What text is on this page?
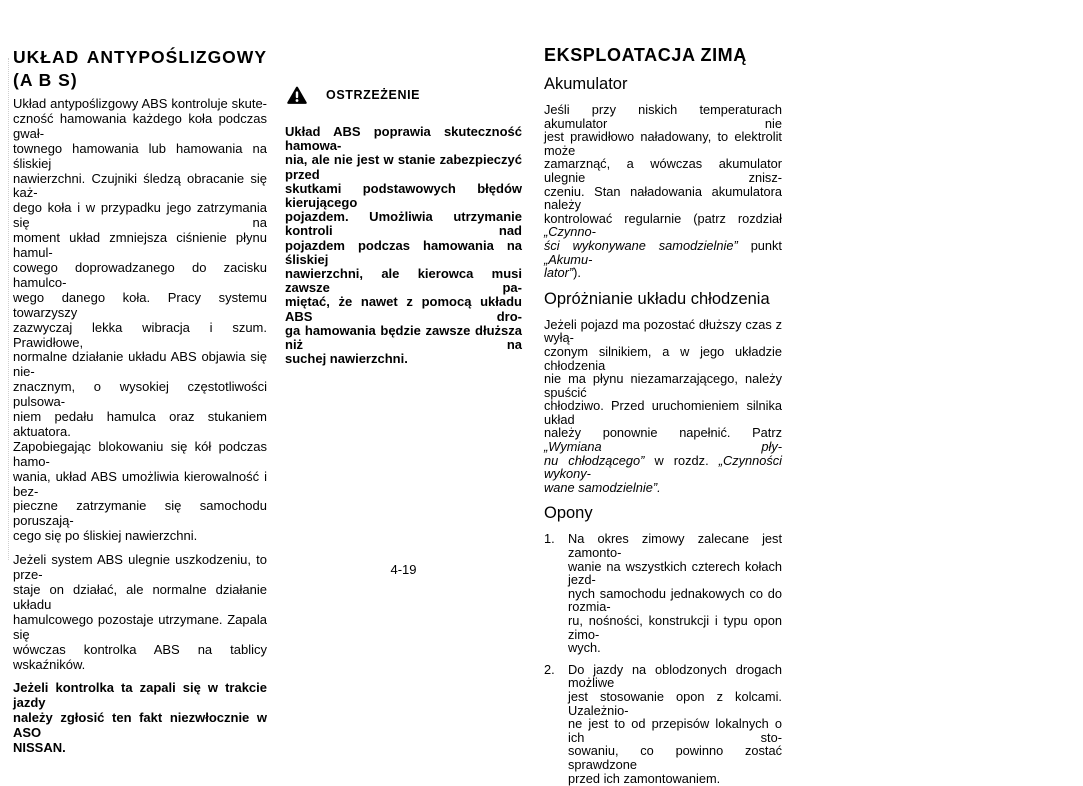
UKŁAD ANTYPOŚLIZGOWY
(A B S)
Układ antypoślizgowy ABS kontroluje skute-
czność hamowania każdego koła podczas gwał-
townego hamowania lub hamowania na śliskiej
nawierzchni. Czujniki śledzą obracanie się każ-
dego koła i w przypadku jego zatrzymania się na
moment układ zmniejsza ciśnienie płynu hamul-
cowego doprowadzanego do zacisku hamulco-
wego danego koła. Pracy systemu towarzyszy
zazwyczaj lekka wibracja i szum. Prawidłowe,
normalne działanie układu ABS objawia się nie-
znacznym, o wysokiej częstotliwości pulsowa-
niem pedału hamulca oraz stukaniem aktuatora.
Zapobiegając blokowaniu się kół podczas hamo-
wania, układ ABS umożliwia kierowalność i bez-
pieczne zatrzymanie się samochodu poruszają-
cego się po śliskiej nawierzchni.
Jeżeli system ABS ulegnie uszkodzeniu, to prze-
staje on działać, ale normalne działanie układu
hamulcowego pozostaje utrzymane. Zapala się
wówczas kontrolka ABS na tablicy wskaźników.
Jeżeli kontrolka ta zapali się w trakcie jazdy
należy zgłosić ten fakt niezwłocznie w ASO
NISSAN.
OSTRZEŻENIE
Układ ABS poprawia skuteczność hamowa-
nia, ale nie jest w stanie zabezpieczyć przed
skutkami podstawowych błędów kierującego
pojazdem. Umożliwia utrzymanie kontroli nad
pojazdem podczas hamowania na śliskiej
nawierzchni, ale kierowca musi zawsze pa-
miętać, że nawet z pomocą układu ABS dro-
ga hamowania będzie zawsze dłuższa niż na
suchej nawierzchni.
EKSPLOATACJA ZIMĄ
Akumulator
Jeśli przy niskich temperaturach akumulator nie
jest prawidłowo naładowany, to elektrolit może
zamarznąć, a wówczas akumulator ulegnie znisz-
czeniu. Stan naładowania akumulatora należy
kontrolować regularnie (patrz rozdział „Czynno-
ści wykonywane samodzielnie” punkt „Akumu-
lator”).
Opróżnianie układu chłodzenia
Jeżeli pojazd ma pozostać dłuższy czas z wyłą-
czonym silnikiem, a w jego układzie chłodzenia
nie ma płynu niezamarzającego, należy spuścić
chłodziwo. Przed uruchomieniem silnika układ
należy ponownie napełnić. Patrz „Wymiana pły-
nu chłodzącego” w rozdz. „Czynności wykony-
wane samodzielnie”.
Opony
1.	Na okres zimowy zalecane jest zamonto-
wanie na wszystkich czterech kołach jezd-
nych samochodu jednakowych co do rozmia-
ru, nośności, konstrukcji i typu opon zimo-
wych.
2.	Do jazdy na oblodzonych drogach możliwe
jest stosowanie opon z kolcami. Uzależnio-
ne jest to od przepisów lokalnych o ich sto-
sowaniu, co powinno zostać sprawdzone
przed ich zamontowaniem.
4-19
